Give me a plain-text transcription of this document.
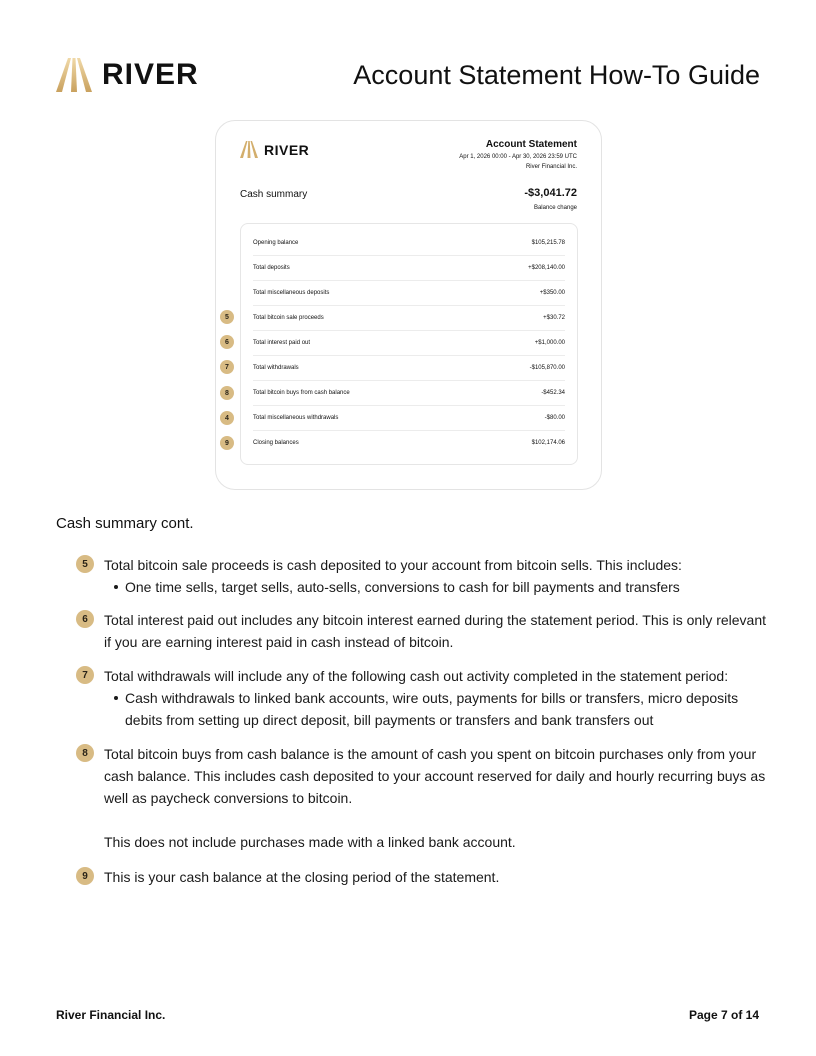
RIVER	Account Statement How-To Guide
RIVER	Account Statement
Apr 1, 2026 00:00 - Apr 30, 2026 23:59 UTC
River Financial Inc.
Cash summary	-$3,041.72
Balance change
Opening balance	$105,215.78
Total deposits	+$208,140.00
Total miscellaneous deposits	+$350.00
Total bitcoin sale proceeds	+$30.72
Total interest paid out	+$1,000.00
Total withdrawals	-$105,870.00
Total bitcoin buys from cash balance	-$452.34
Total miscellaneous withdrawals	-$80.00
Closing balances	$102,174.06
5
6
7
8
4
9
Cash summary cont.
5	Total bitcoin sale proceeds is cash deposited to your account from bitcoin sells. This includes:
One time sells, target sells, auto-sells, conversions to cash for bill payments and transfers
6	Total interest paid out includes any bitcoin interest earned during the statement period. This is only relevant if you are earning interest paid in cash instead of bitcoin.
7	Total withdrawals will include any of the following cash out activity completed in the statement period:
Cash withdrawals to linked bank accounts, wire outs, payments for bills or transfers, micro deposits debits from setting up direct deposit, bill payments or transfers and bank transfers out
8	Total bitcoin buys from cash balance is the amount of cash you spent on bitcoin purchases only from your cash balance. This includes cash deposited to your account reserved for daily and hourly recurring buys as well as paycheck conversions to bitcoin.
This does not include purchases made with a linked bank account.
9	This is your cash balance at the closing period of the statement.
River Financial Inc.	Page 7 of 14
